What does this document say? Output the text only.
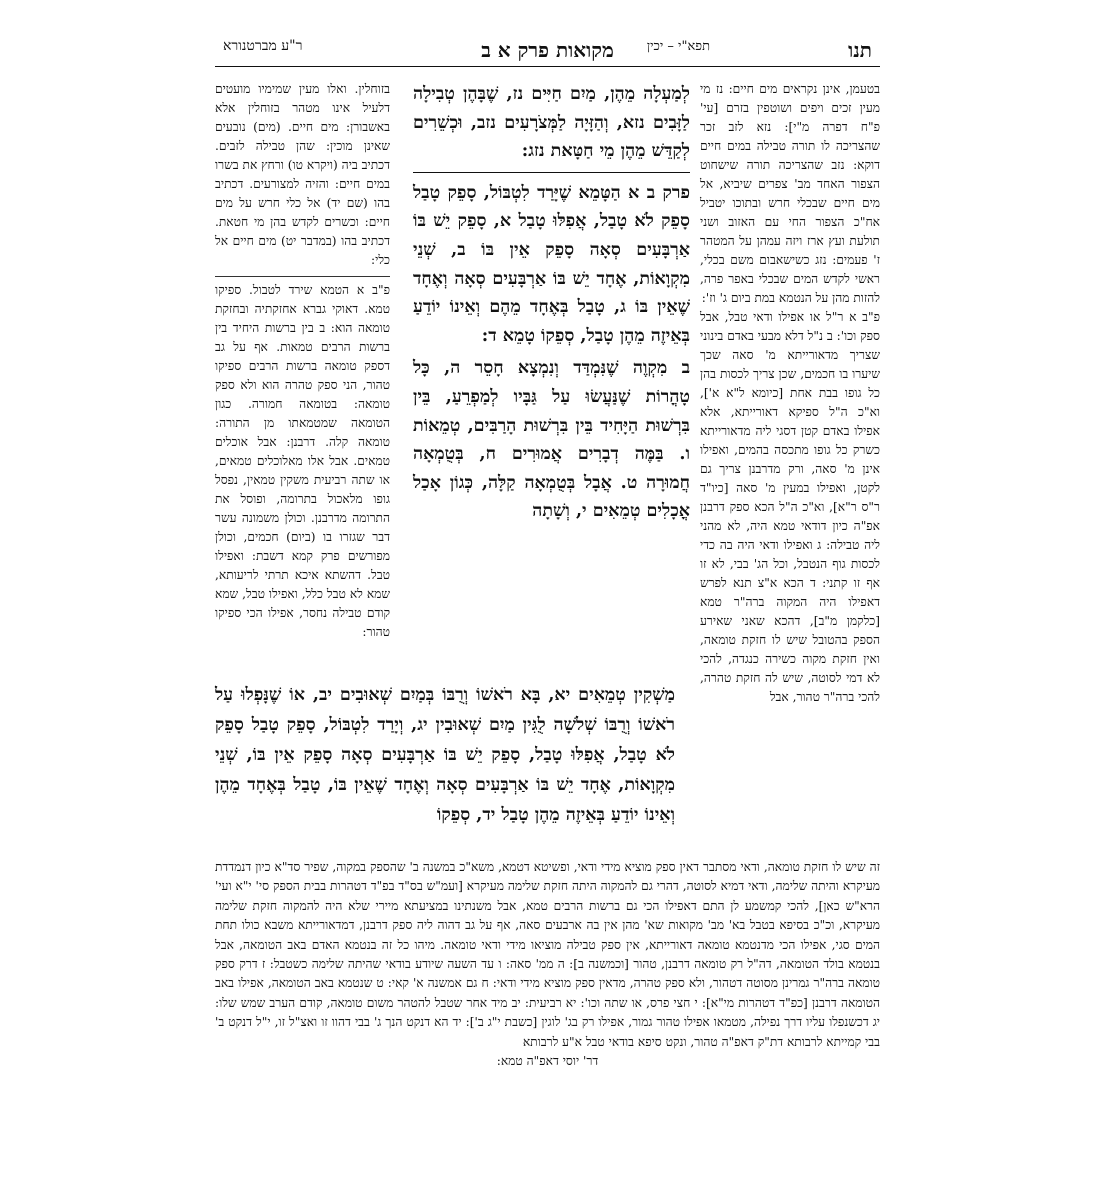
תנו
תפא"י – יכין
מקואות פרק א ב
ר"ע מברטנורא

בטעמן, אינן נקראים מים חיים: נז מי מעין זכים ויפים ושוטפין בזרם [עי' פ"ח דפרה מ"י]: נזא לזב זכר שהצריכה לו תורה טבילה במים חיים דוקא: נזב שהצריכה תורה שישחוט הצפור האחד מב' צפרים שיביא, אל מים חיים שבכלי חרש ובתוכו יטביל אח"כ הצפור החי עם האזוב ושני תולעת ועץ ארז ויזה עמהן על המטהר ז' פעמים: נזג כשישאבום משם בכלי, ראשי לקדש המים שבכלי באפר פרה, להזות מהן על הנטמא במת ביום ג' וז':

פ"ב א ר"ל או אפילו ודאי טבל, אבל ספק וכו': ב נ"ל דלא מבעי באדם בינוני שצריך מדאורייתא מ' סאה שכך שיערו בו חכמים, שכן צריך לכסות בהן כל גופו בבת אחת [כיומא ל"א א'], וא"כ ה"ל ספיקא דאורייתא, אלא אפילו באדם קטן דסגי ליה מדאורייתא כשרק כל גופו מתכסה בהמים, ואפילו אינן מ' סאה, ורק מדרבנן צריך גם לקטן, ואפילו במעין מ' סאה [כיו"ד ר"ס ר"א], וא"כ ה"ל הכא ספק דרבנן אפ"ה כיון דודאי טמא היה, לא מהני ליה טבילה: ג ואפילו ודאי היה בה כדי לכסות גוף הנטבל, וכל הג' בבי, לא זו אף זו קתני: ד הכא א"צ תנא לפרש דאפילו היה המקוה ברה"ר טמא [כלקמן מ"ב], דהכא שאני שאירע הספק בהטובל שיש לו חזקת טומאה, ואין חזקת מקוה כשירה כנגדה, להכי לא דמי לסוטה, שיש לה חזקת טהרה, להכי ברה"ר טהור, אבל

בזוחלין. ואלו מעין שמימיו מועטים דלעיל אינו מטהר בזוחלין אלא באשבורן: מים חיים. (מים) נובעים שאינן מוכין: שהן טבילה לזבים. דכתיב ביה (ויקרא טו) ורחץ את בשרו במים חיים: והזיה למצורעים. דכתיב בהו (שם יד) אל כלי חרש על מים חיים: וכשרים לקדש בהן מי חטאת. דכתיב בהו (במדבר יט) מים חיים אל כלי:

פ"ב א הטמא שירד לטבול. ספיקו טמא. דאוקי גברא אחזקתיה ובחזקת טומאה הוא: ב בין ברשות היחיד בין ברשות הרבים טמאות. אף על גב דספק טומאה ברשות הרבים ספיקו טהור, הני ספק טהרה הוא ולא ספק טומאה: בטומאה חמורה. כגון הטומאה שמטמאתו מן התורה: טומאה קלה. דרבנן: אבל אוכלים טמאים. אבל אלו מאלוכלים טמאים, או שתה רביעית משקין טמאין, נפסל גופו מלאכול בתרומה, ופוסל את התרומה מדרבנן. וכולן משמונה עשר דבר שגזרו בו (ביום) חכמים, וכולן מפורשים פרק קמא דשבת: ואפילו טבל. דהשתא איכא תרתי לריעותא, שמא לא טבל כלל, ואפילו טבל, שמא קודם טבילה נחסר, אפילו הכי ספיקו טהור:

לְמַעְלָה מֵהֶן, מַיִם חַיִּים נז, שֶׁבָּהֶן טְבִילָה לַזָּבִים נזא, וְהַזָּיָה לַמְּצֹרָעִים נזב, וּכְשֵׁרִים לְקַדֵּשׁ מֵהֶן מֵי חַטָּאת נזג:

פרק ב א הַטָּמֵא שֶׁיָּרַד לִטְבּוֹל, סָפֵק טָבַל סָפֵק לֹא טָבַל, אֲפִלּוּ טָבַל א, סָפֵק יֵשׁ בּוֹ אַרְבָּעִים סְאָה סָפֵק אֵין בּוֹ ב, שְׁנֵי מִקְוָאוֹת, אֶחָד יֵשׁ בּוֹ אַרְבָּעִים סְאָה וְאֶחָד שֶׁאֵין בּוֹ ג, טָבַל בְּאֶחָד מֵהֶם וְאֵינוֹ יוֹדֵעַ בְּאֵיזֶה מֵהֶן טָבַל, סְפֵקוֹ טָמֵא ד:

ב מִקְוֶה שֶׁנִּמְדַּד וְנִמְצָא חָסֵר ה, כָּל טָהֳרוֹת שֶׁנַּעֲשׂוּ עַל גַּבָּיו לְמַפְרֵעַ, בֵּין בִּרְשׁוּת הַיָּחִיד בֵּין בִּרְשׁוּת הָרַבִּים, טְמֵאוֹת ו. בַּמֶּה דְבָרִים אֲמוּרִים ח, בְּטֻמְאָה חֲמוּרָה ט. אֲבָל בְּטֻמְאָה קַלָּה, כְּגוֹן אָכַל אֳכָלִים טְמֵאִים י, וְשָׁתָה

מַשְׁקִין טְמֵאִים יא, בָּא רֹאשׁוֹ וְרֻבּוֹ בְּמַיִם שְׁאוּבִים יב, אוֹ שֶׁנָּפְלוּ עַל רֹאשׁוֹ וְרֻבּוֹ שְׁלשָׁה לֻגִּין מַיִם שְׁאוּבִין יג, וְיָרַד לִטְבּוֹל, סָפֵק טָבַל סָפֵק לֹא טָבַל, אֲפִלּוּ טָבַל, סָפֵק יֵשׁ בּוֹ אַרְבָּעִים סְאָה סָפֵק אֵין בּוֹ, שְׁנֵי מִקְוָאוֹת, אֶחָד יֵשׁ בּוֹ אַרְבָּעִים סְאָה וְאֶחָד שֶׁאֵין בּוֹ, טָבַל בְּאֶחָד מֵהֶן וְאֵינוֹ יוֹדֵעַ בְּאֵיזֶה מֵהֶן טָבַל יד, סְפֵקוֹ

זה שיש לו חזקת טומאה, ודאי מסתבר דאין ספק מוציא מידי ודאי, ופשיטא דטמא, משא"כ במשנה ב' שהספק במקוה, שפיר סד"א כיון דנמדדת מעיקרא והיתה שלימה, ודאי דמיא לסוטה, דהרי גם להמקוה היתה חזקת שלימה מעיקרא [ועמ"ש בס"ד בפ"ד דטהרות בבית הספק סי' י"א ועי' הרא"ש כאן], להכי קמשמע לן התם דאפילו הכי גם ברשות הרבים טמא, אבל משנתינו במציעתא מיירי שלא היה להמקוה חזקת שלימה מעיקרא, וכ"כ בסיפא בטבל בא' מב' מקואות שא' מהן אין בה ארבעים סאה, אף על גב דהוה ליה ספק דרבנן, דמדאורייתא משבא כולו תחת המים סגי, אפילו הכי מדנטמא טומאה דאורייתא, אין ספק טבילה מוציאו מידי ודאי טומאה. מיהו כל זה בנטמא האדם באב הטומאה, אבל בנטמא בולד הטומאה, דה"ל רק טומאה דרבנן, טהור [וכמשנה ב]: ה ממ' סאה: ו עד השעה שיודע בודאי שהיתה שלימה כשטבל: ז דרק ספק טומאה ברה"ר גמרינן מסוטה דטהור, ולא ספק טהרה, מדאין ספק מוציא מידי ודאי: ח גם אמשנה א' קאי: ט שנטמא באב הטומאה, אפילו באב הטומאה דרבנן [כפ"ד דטהרות מי"א]: י חצי פרס, או שתה וכו': יא רביעית: יב מיד אחר שטבל להטהר משום טומאה, קודם הערב שמש שלו: יג דכשנפלו עליו דרך נפילה, מטמאו אפילו טהור גמור, אפילו רק בג' לוגין [כשבת י"ג ב']: יד הא דנקט הנך ג' בבי דהוו זו ואצ"ל זו, י"ל דנקט ב' בבי קמייתא לרבותא דת"ק דאפ"ה טהור, ונקט סיפא בודאי טבל א"ע לרבותא

דר' יוסי דאפ"ה טמא:
